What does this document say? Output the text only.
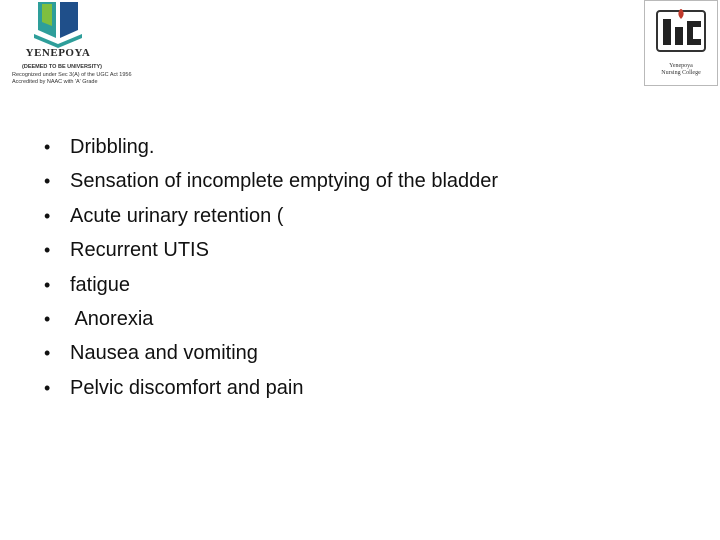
YENEPOYA
(DEEMED TO BE UNIVERSITY)
Recognized under Sec 3(A) of the UGC Act 1956
Accredited by NAAC with 'A' Grade
Yenepoya
Nursing College
• Dribbling.
• Sensation of incomplete emptying of the bladder
• Acute urinary retention (
• Recurrent UTIS
• fatigue
• Anorexia
• Nausea and vomiting
• Pelvic discomfort and pain
